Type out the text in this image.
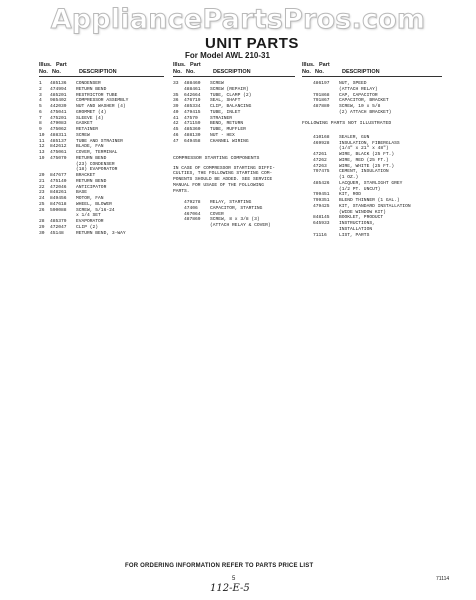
AppliancePartsPros.com
UNIT PARTS
For Model AWL 210-31
Illus. Part
No. No.	DESCRIPTION
1	485136	CONDENSER
2	474994	RETURN BEND
3	485201	RESTRICTOR TUBE
4	985402	COMPRESSOR ASSEMBLY
5	442039	NUT AND WASHER (4)
6	475041	GROMMET (4)
7	475201	SLEEVE (4)
8	479083	GASKET
9	475062	RETAINER
10	488311	SCREW
11	485137	TUBE AND STRAINER
12	842612	BLADE, FAN
13	475061	COVER, TERMINAL
19	475070	RETURN BEND
(23) CONDENSER
(18) EVAPORATOR
20	847677	BRACKET
21	475140	RETURN BEND
22	472046	ANTICIPATOR
23	848261	BASE
24	849456	MOTOR, FAN
25	847618	WHEEL, BLOWER
26	590088	SCREW, 5/16-24
x 1/4 SET
28	485379	EVAPORATOR
29	472047	CLIP (2)
30	45148	RETURN BEND, 3-WAY
Illus. Part
No. No.	DESCRIPTION
33	488460	SCREW
488461	SCREW (REPAIR)
35	642664	TUBE, CLAMP (2)
36	476719	SEAL, SHAFT
39	485334	CLIP, BALANCING
40	479415	TUBE, INLET
41	47570	STRAINER
42	471159	BEND, RETURN
45	485360	TUBE, MUFFLER
46	488130	NUT - HEX
47	649458	CHANNEL WIRING
COMPRESSOR STARTING COMPONENTS
IN CASE OF COMPRESSOR STARTING DIFFI-
CULTIES, THE FOLLOWING STARTING COM-
PONENTS SHOULD BE ADDED. SEE SERVICE
MANUAL FOR USAGE OF THE FOLLOWING
PARTS.
479278	RELAY, STARTING
47406	CAPACITOR, STARTING
467064	COVER
487869	SCREW, 8 x 3/8 (3)
(ATTACH RELAY & COVER)
Illus. Part
No. No.	DESCRIPTION
486197	NUT, SPEED
(ATTACH RELAY)
791868	CAP, CAPACITOR
791867	CAPACITOR, BRACKET
487880	SCREW, 10 x 5/8
(2) ATTACH BRACKET)
FOLLOWING PARTS NOT ILLUSTRATED
410168	SEALER, GUN
469928	INSULATION, FIBERGLASS
(1/4" x 21" x 48")
47261	WIRE, BLACK (25 FT.)
47262	WIRE, RED (25 FT.)
47263	WIRE, WHITE (25 FT.)
797475	CEMENT, INSULATION
(1 OZ.)
485426	LACQUER, STARLIGHT GREY
(1/2 PT. UNCUT)
799451	KIT, ROD
799351	BLEND THINNER (1 GAL.)
479425	KIT, STANDARD INSTALLATION
(WIDE WINDOW KIT)
848145	BOOKLET, PRODUCT
645933	INSTRUCTIONS,
INSTALLATION
71116	LIST, PARTS
FOR ORDERING INFORMATION REFER TO PARTS PRICE LIST
5	71114
112-E-5
